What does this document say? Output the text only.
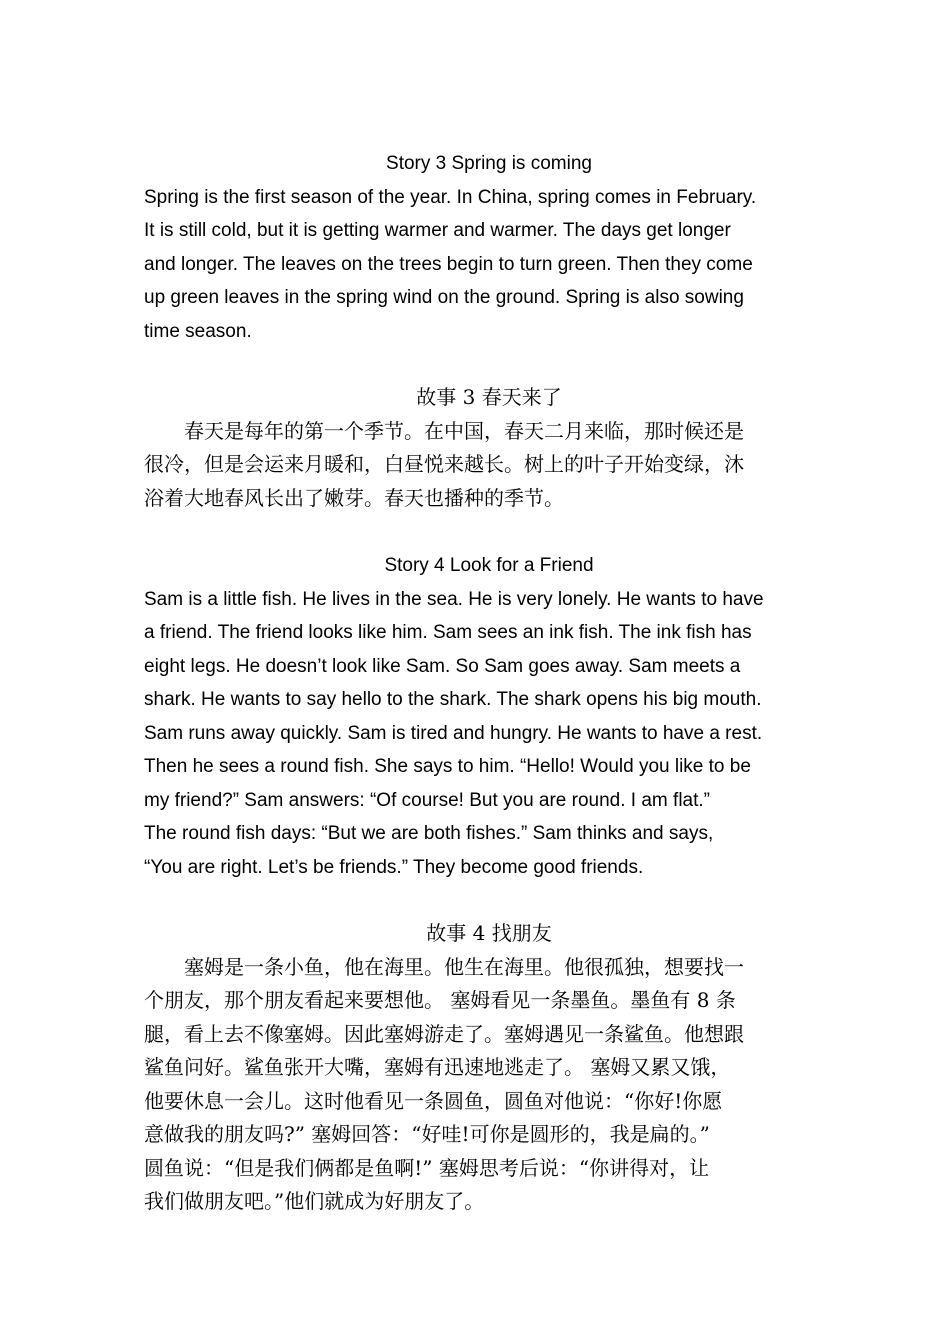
Story 3 Spring is coming
Spring is the first season of the year. In China, spring comes in February.
It is still cold, but it is getting warmer and warmer. The days get longer
and longer. The leaves on the trees begin to turn green. Then they come
up green leaves in the spring wind on the ground. Spring is also sowing
time season.
故事 3 春天来了
　　春天是每年的第一个季节。在中国，春天二月来临，那时候还是
很冷，但是会运来月暖和，白昼悦来越长。树上的叶子开始变绿，沐
浴着大地春风长出了嫩芽。春天也播种的季节。
Story 4 Look for a Friend
Sam is a little fish. He lives in the sea. He is very lonely. He wants to have
a friend. The friend looks like him. Sam sees an ink fish. The ink fish has
eight legs. He doesn’t look like Sam. So Sam goes away. Sam meets a
shark. He wants to say hello to the shark. The shark opens his big mouth.
Sam runs away quickly. Sam is tired and hungry. He wants to have a rest.
Then he sees a round fish. She says to him. “Hello! Would you like to be
my friend?” Sam answers: “Of course! But you are round. I am flat.”
The round fish days: “But we are both fishes.” Sam thinks and says,
“You are right. Let’s be friends.” They become good friends.
故事 4 找朋友
　　塞姆是一条小鱼，他在海里。他生在海里。他很孤独，想要找一
个朋友，那个朋友看起来要想他。 塞姆看见一条墨鱼。墨鱼有 8 条
腿，看上去不像塞姆。因此塞姆游走了。塞姆遇见一条鲨鱼。他想跟
鲨鱼问好。鲨鱼张开大嘴，塞姆有迅速地逃走了。 塞姆又累又饿，
他要休息一会儿。这时他看见一条圆鱼，圆鱼对他说：“你好!你愿
意做我的朋友吗?” 塞姆回答：“好哇!可你是圆形的，我是扁的。”
圆鱼说：“但是我们俩都是鱼啊!” 塞姆思考后说：“你讲得对，让
我们做朋友吧。”他们就成为好朋友了。
